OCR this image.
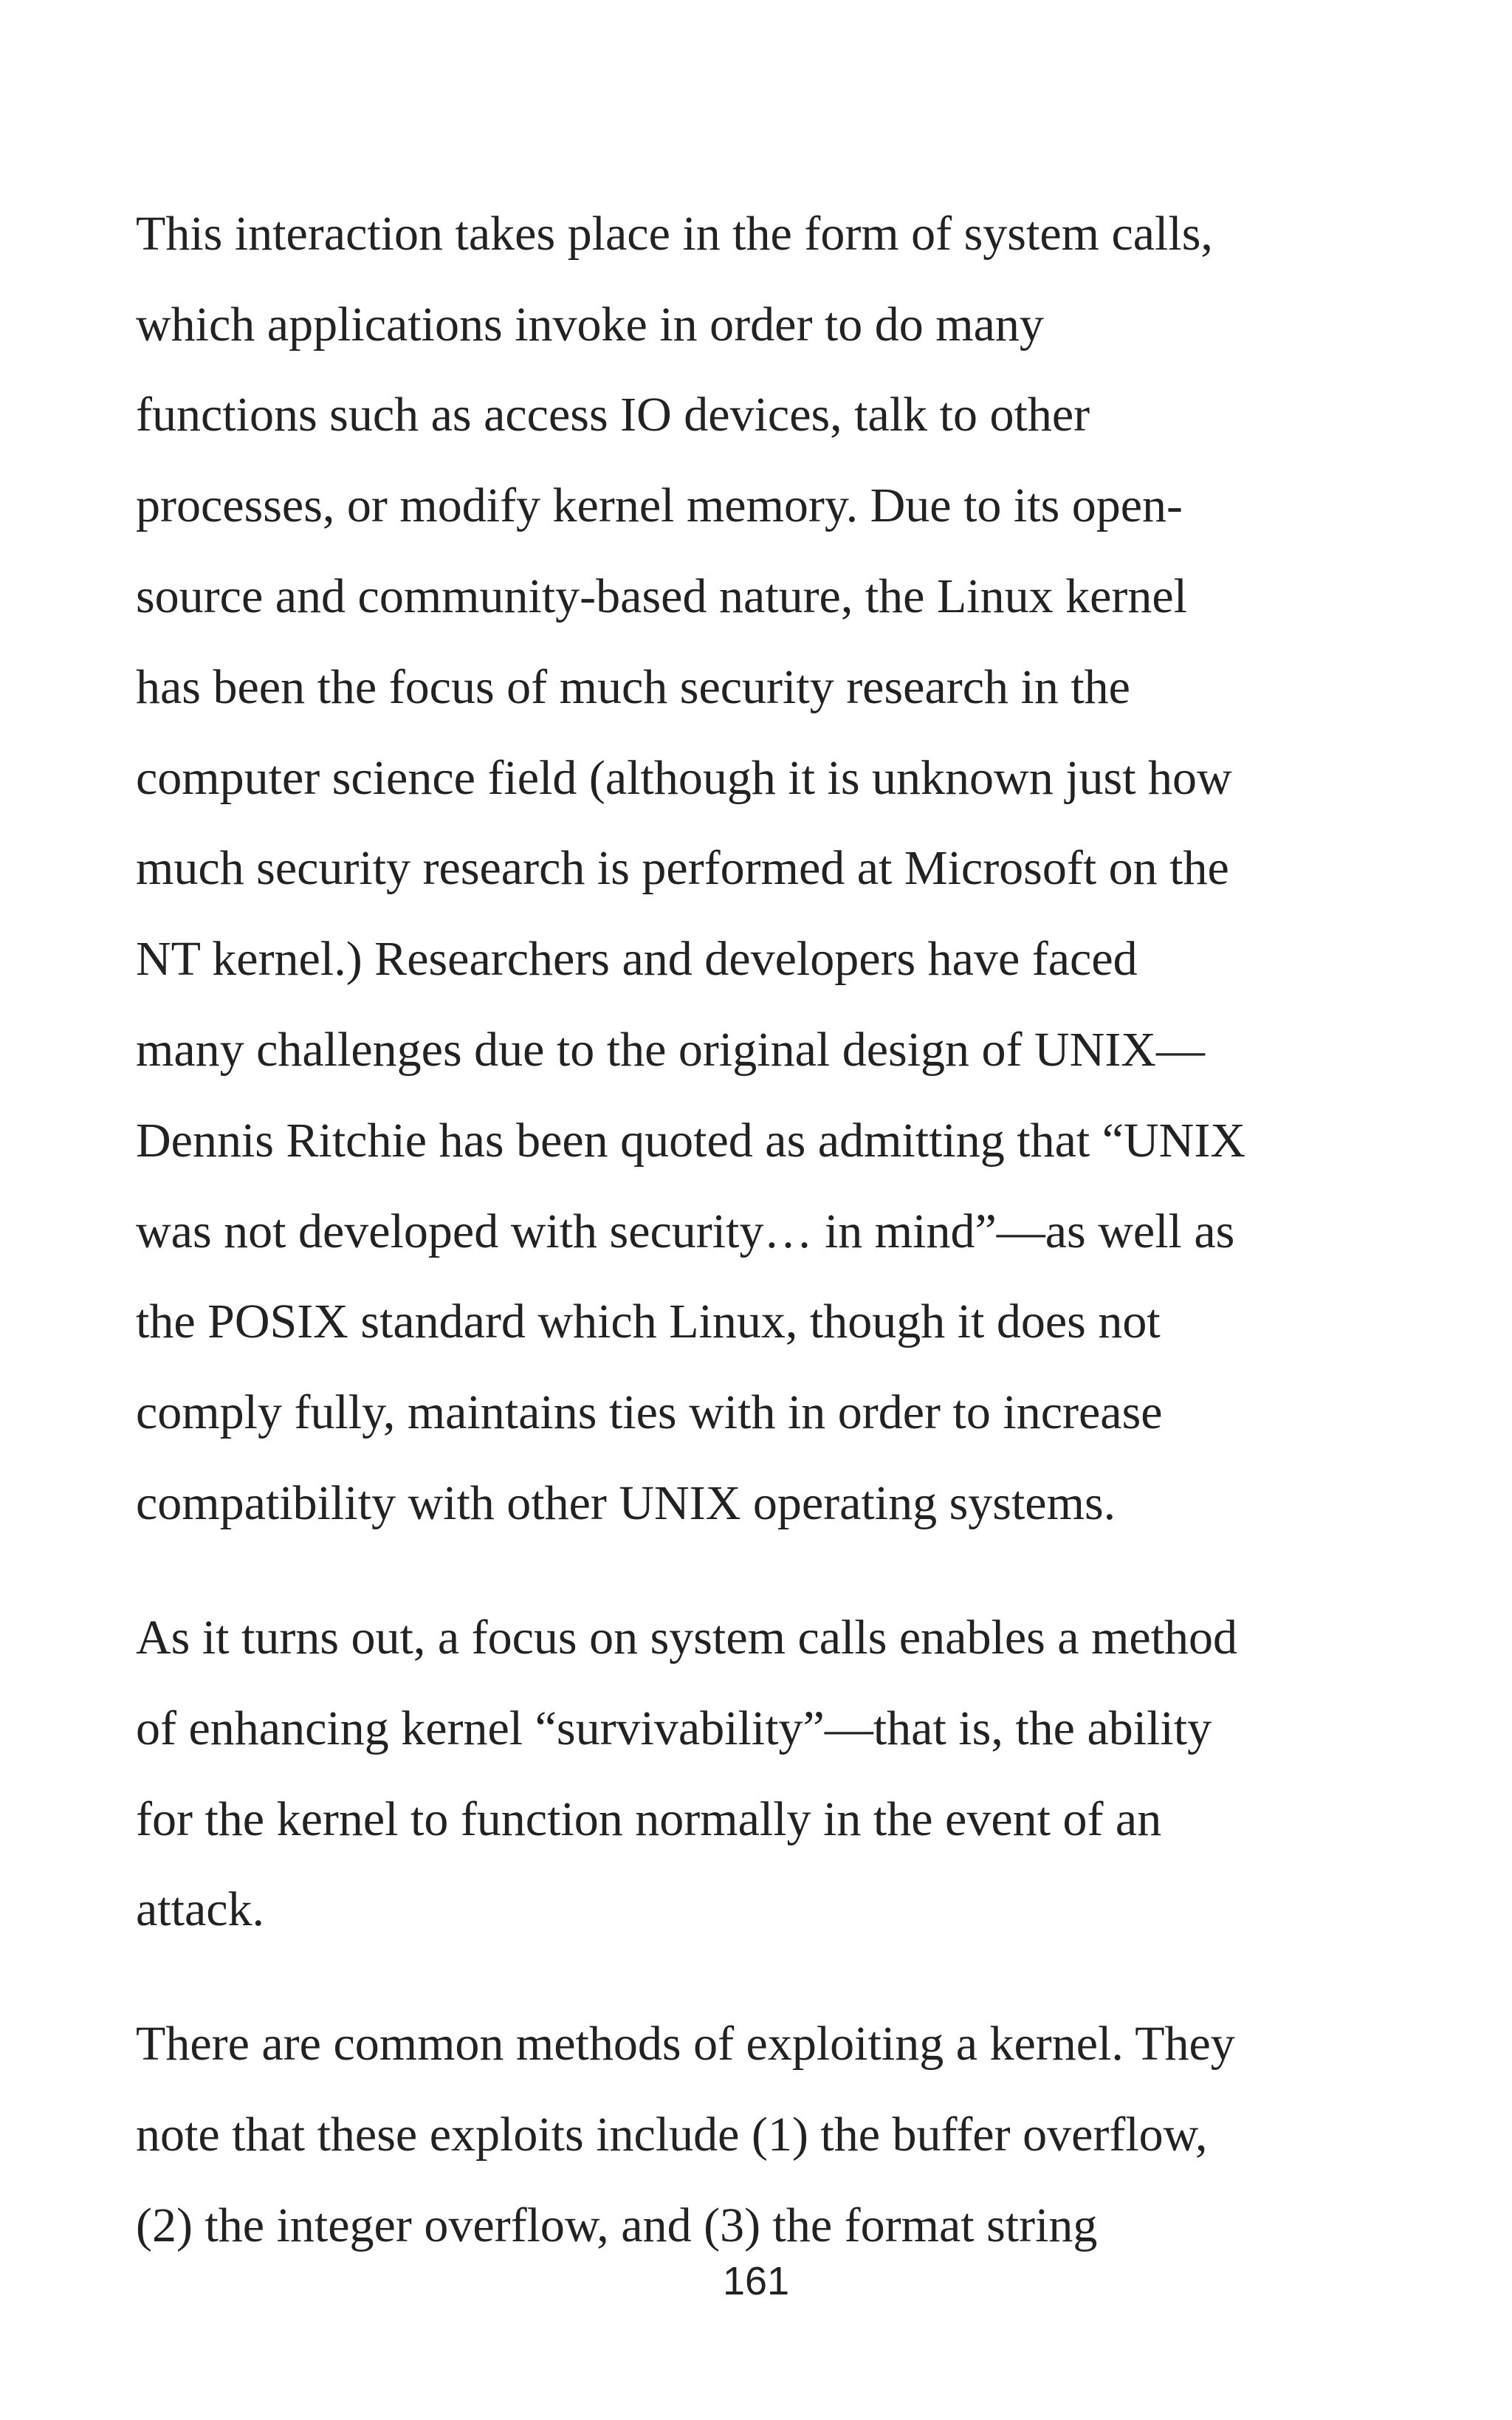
This interaction takes place in the form of system calls,

which applications invoke in order to do many

functions such as access IO devices, talk to other

processes, or modify kernel memory. Due to its open-

source and community-based nature, the Linux kernel

has been the focus of much security research in the

computer science field (although it is unknown just how

much security research is performed at Microsoft on the

NT kernel.) Researchers and developers have faced

many challenges due to the original design of UNIX—

Dennis Ritchie has been quoted as admitting that “UNIX

was not developed with security… in mind”—as well as

the POSIX standard which Linux, though it does not

comply fully, maintains ties with in order to increase

compatibility with other UNIX operating systems.

As it turns out, a focus on system calls enables a method

of enhancing kernel “survivability”—that is, the ability

for the kernel to function normally in the event of an

attack.

There are common methods of exploiting a kernel. They

note that these exploits include (1) the buffer overflow,

(2) the integer overflow, and (3) the format string

161
